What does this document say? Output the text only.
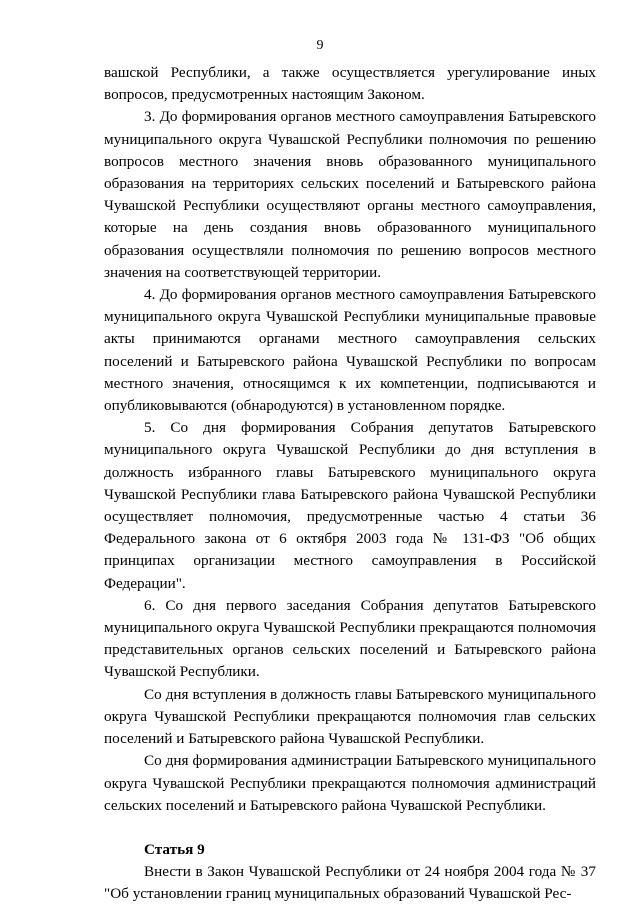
9

вашской Республики, а также осуществляется урегулирование иных вопросов, предусмотренных настоящим Законом.

3. До формирования органов местного самоуправления Батыревского муниципального округа Чувашской Республики полномочия по решению вопросов местного значения вновь образованного муниципального образования на территориях сельских поселений и Батыревского района Чувашской Республики осуществляют органы местного самоуправления, которые на день создания вновь образованного муниципального образования осуществляли полномочия по решению вопросов местного значения на соответствующей территории.

4. До формирования органов местного самоуправления Батыревского муниципального округа Чувашской Республики муниципальные правовые акты принимаются органами местного самоуправления сельских поселений и Батыревского района Чувашской Республики по вопросам местного значения, относящимся к их компетенции, подписываются и опубликовываются (обнародуются) в установленном порядке.

5. Со дня формирования Собрания депутатов Батыревского муниципального округа Чувашской Республики до дня вступления в должность избранного главы Батыревского муниципального округа Чувашской Республики глава Батыревского района Чувашской Республики осуществляет полномочия, предусмотренные частью 4 статьи 36 Федерального закона от 6 октября 2003 года № 131-ФЗ "Об общих принципах организации местного самоуправления в Российской Федерации".

6. Со дня первого заседания Собрания депутатов Батыревского муниципального округа Чувашской Республики прекращаются полномочия представительных органов сельских поселений и Батыревского района Чувашской Республики.

Со дня вступления в должность главы Батыревского муниципального округа Чувашской Республики прекращаются полномочия глав сельских поселений и Батыревского района Чувашской Республики.

Со дня формирования администрации Батыревского муниципального округа Чувашской Республики прекращаются полномочия администраций сельских поселений и Батыревского района Чувашской Республики.

Статья 9

Внести в Закон Чувашской Республики от 24 ноября 2004 года № 37 "Об установлении границ муниципальных образований Чувашской Рес-
